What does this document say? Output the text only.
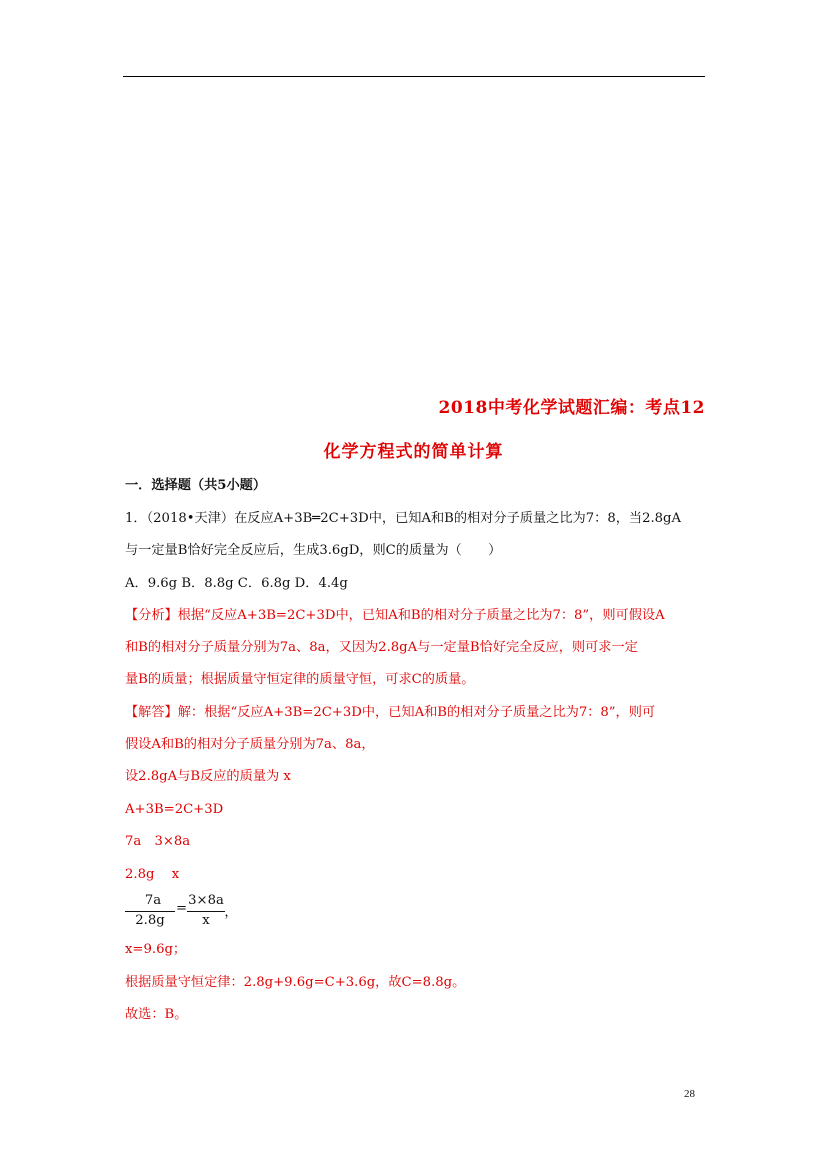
2018中考化学试题汇编：考点12
化学方程式的简单计算
一．选择题（共5小题）
1．（2018•天津）在反应A+3B═2C+3D中，已知A和B的相对分子质量之比为7：8，当2.8gA
与一定量B恰好完全反应后，生成3.6gD，则C的质量为（　　）
A．9.6g B．8.8g C．6.8g D．4.4g
【分析】根据“反应A+3B=2C+3D中，已知A和B的相对分子质量之比为7：8”，则可假设A
和B的相对分子质量分别为7a、8a，又因为2.8gA与一定量B恰好完全反应，则可求一定
量B的质量；根据质量守恒定律的质量守恒，可求C的质量。
【解答】解：根据“反应A+3B=2C+3D中，已知A和B的相对分子质量之比为7：8”，则可
假设A和B的相对分子质量分别为7a、8a，
设2.8gA与B反应的质量为 x
A+3B=2C+3D
7a　3×8a
2.8g　 x
7a
2.8g
=
3×8a
x
，
x=9.6g；
根据质量守恒定律：2.8g+9.6g=C+3.6g，故C=8.8g。
故选：B。
28
